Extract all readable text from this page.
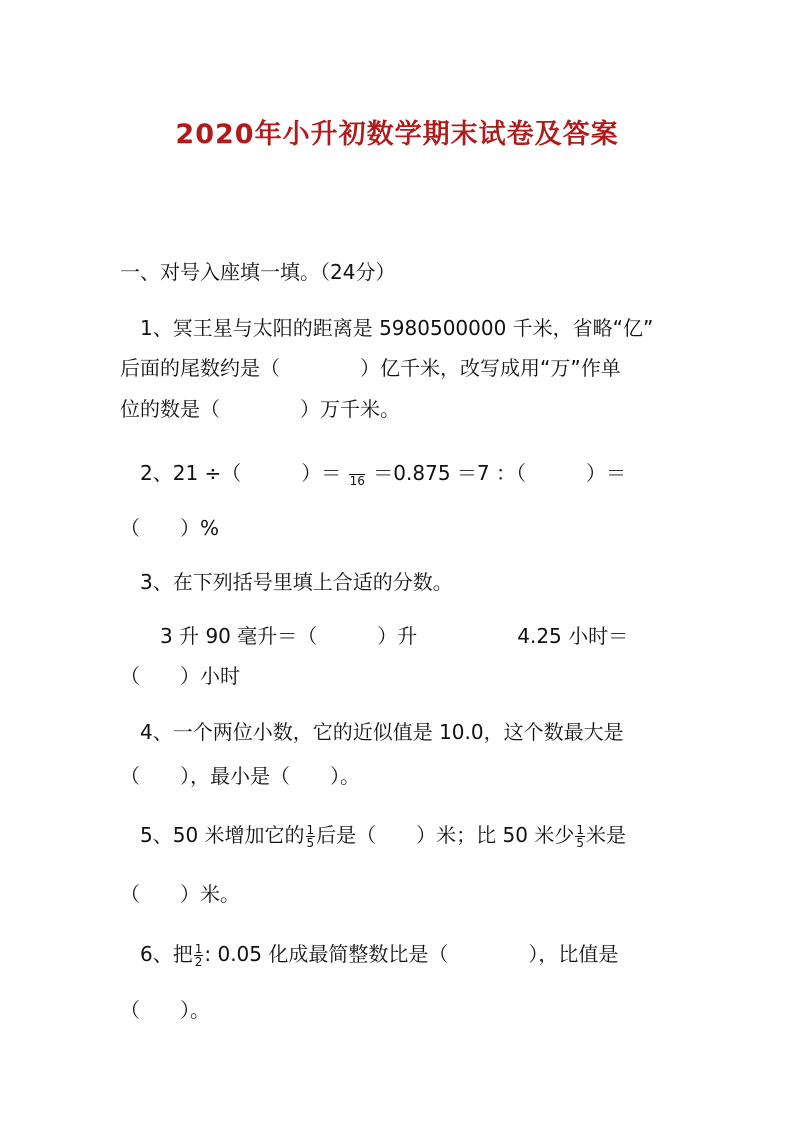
2020年小升初数学期末试卷及答案
一、对号入座填一填。（24分）
　1、冥王星与太阳的距离是 5980500000 千米，省略“亿”
后面的尾数约是（　　　　）亿千米，改写成用“万”作单
位的数是（　　　　）万千米。
　2、21 ÷（　　　）＝ 16 ＝0.875 ＝7 ：（　　　）＝
（　　）%
　3、在下列括号里填上合适的分数。
　　3 升 90 毫升＝（　　　）升　　　　　4.25 小时＝
（　　）小时
　4、一个两位小数，它的近似值是 10.0，这个数最大是
（　　），最小是（　　）。
　5、50 米增加它的 $\frac{1}{5}$ 后是（　　）米；比 50 米少 $\frac{1}{5}$ 米是
（　　）米。
　6、把 $\frac{1}{2}$ : 0.05 化成最简整数比是（　　　　），比值是
（　　）。
